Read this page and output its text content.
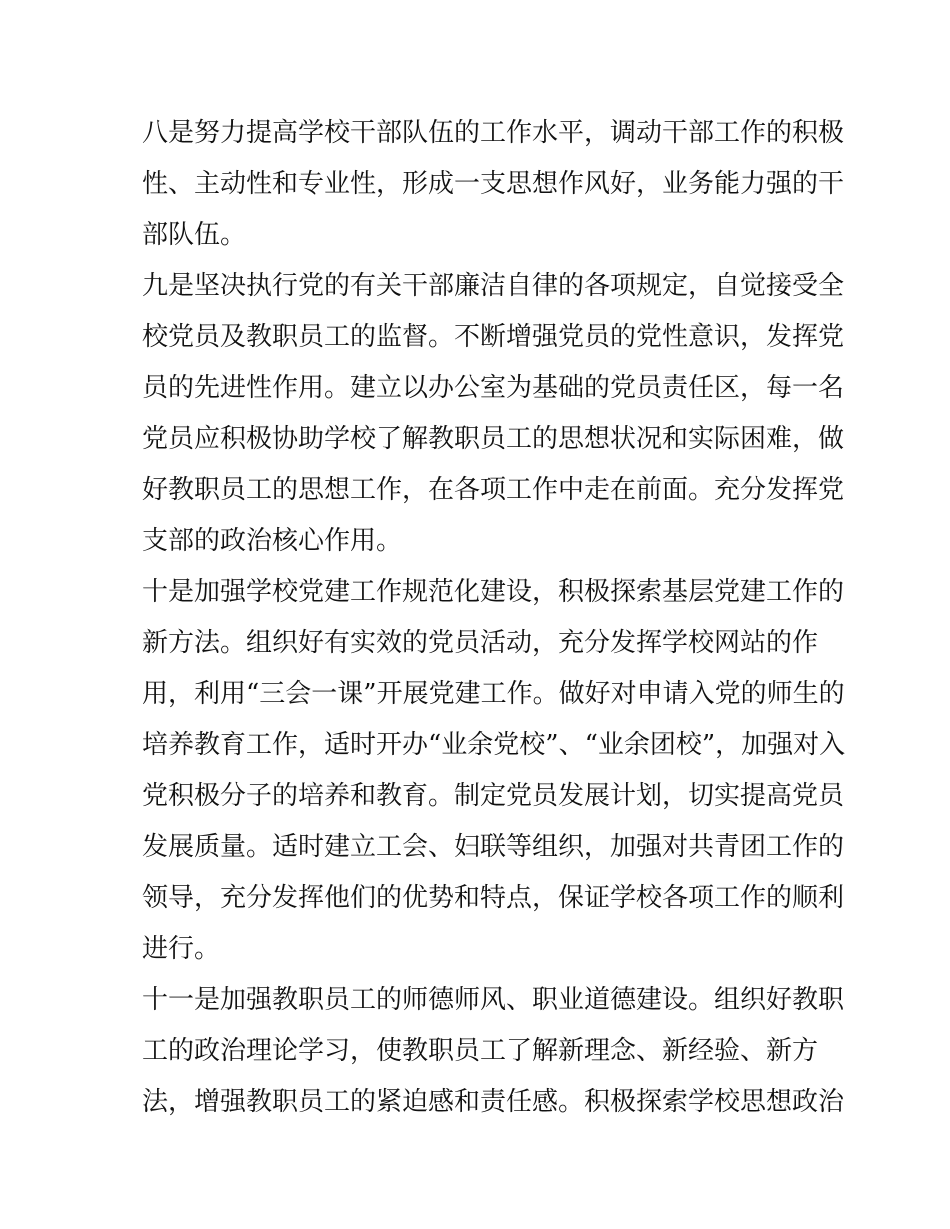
八是努力提高学校干部队伍的工作水平，调动干部工作的积极
性、主动性和专业性，形成一支思想作风好，业务能力强的干
部队伍。
九是坚决执行党的有关干部廉洁自律的各项规定，自觉接受全
校党员及教职员工的监督。不断增强党员的党性意识，发挥党
员的先进性作用。建立以办公室为基础的党员责任区，每一名
党员应积极协助学校了解教职员工的思想状况和实际困难，做
好教职员工的思想工作，在各项工作中走在前面。充分发挥党
支部的政治核心作用。
十是加强学校党建工作规范化建设，积极探索基层党建工作的
新方法。组织好有实效的党员活动，充分发挥学校网站的作
用，利用“三会一课”开展党建工作。做好对申请入党的师生的
培养教育工作，适时开办“业余党校”、“业余团校”，加强对入
党积极分子的培养和教育。制定党员发展计划，切实提高党员
发展质量。适时建立工会、妇联等组织，加强对共青团工作的
领导，充分发挥他们的优势和特点，保证学校各项工作的顺利
进行。
十一是加强教职员工的师德师风、职业道德建设。组织好教职
工的政治理论学习，使教职员工了解新理念、新经验、新方
法，增强教职员工的紧迫感和责任感。积极探索学校思想政治
